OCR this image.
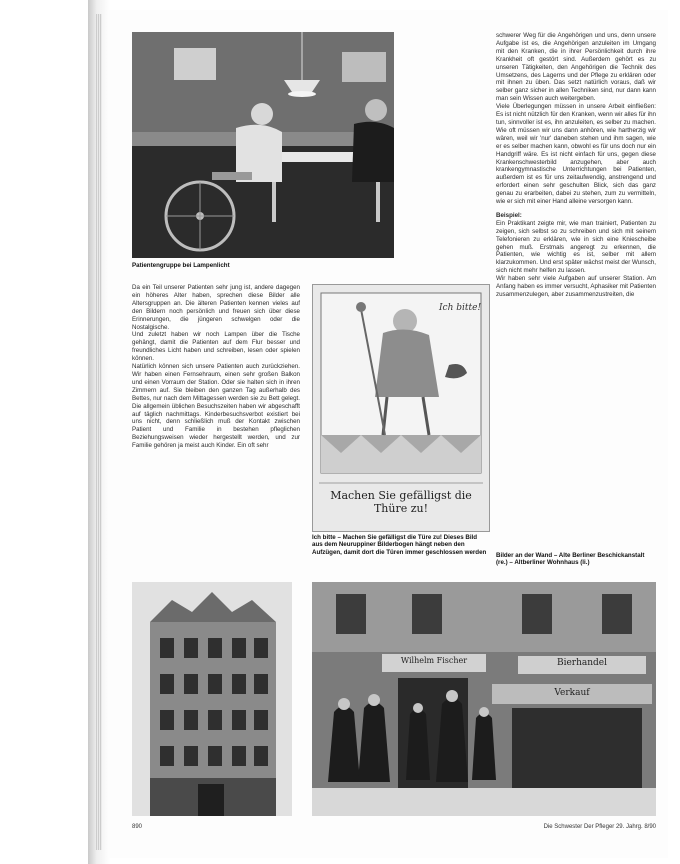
Patientengruppe bei Lampenlicht

Da ein Teil unserer Patienten sehr jung ist, andere dagegen ein höheres Alter haben, sprechen diese Bilder alle Altersgruppen an. Die älteren Patienten kennen vieles auf den Bildern noch persönlich und freuen sich über diese Erinnerungen, die jüngeren schwelgen oder die Nostalgische.

Und zuletzt haben wir noch Lampen über die Tische gehängt, damit die Patienten auf dem Flur besser und freundliches Licht haben und schreiben, lesen oder spielen können.

Natürlich können sich unsere Patienten auch zurückziehen. Wir haben einen Fernsehraum, einen sehr großen Balkon und einen Vorraum der Station. Oder sie halten sich in ihren Zimmern auf. Sie bleiben den ganzen Tag außerhalb des Bettes, nur nach dem Mittagessen werden sie zu Bett gelegt. Die allgemein üblichen Besuchszeiten haben wir abgeschafft auf täglich nachmittags. Kinderbesuchsverbot existiert bei uns nicht, denn schließlich muß der Kontakt zwischen Patient und Familie in bestehen pfleglichen Beziehungsweisen wieder hergestellt werden, und zur Familie gehören ja meist auch Kinder. Ein oft sehr

Ich bitte!
Machen Sie gefälligst die Thüre zu!
Ich bitte – Machen Sie gefälligst die Türe zu! Dieses Bild aus dem Neuruppiner Bilderbogen hängt neben den Aufzügen, damit dort die Türen immer geschlossen werden

schwerer Weg für die Angehörigen und uns, denn unsere Aufgabe ist es, die Angehörigen anzuleiten im Umgang mit den Kranken, die in ihrer Persönlichkeit durch ihre Krankheit oft gestört sind. Außerdem gehört es zu unseren Tätigkeiten, den Angehörigen die Technik des Umsetzens, des Lagerns und der Pflege zu erklären oder mit ihnen zu üben. Das setzt natürlich voraus, daß wir selber ganz sicher in allen Techniken sind, nur dann kann man sein Wissen auch weitergeben.

Viele Überlegungen müssen in unsere Arbeit einfließen: Es ist nicht nützlich für den Kranken, wenn wir alles für ihn tun, sinnvoller ist es, ihn anzuleiten, es selber zu machen. Wie oft müssen wir uns dann anhören, wie hartherzig wir wären, weil wir 'nur' daneben stehen und ihm sagen, wie er es selber machen kann, obwohl es für uns doch nur ein Handgriff wäre. Es ist nicht einfach für uns, gegen diese Krankenschwesterbild anzugehen, aber auch krankengymnastische Unterrichtungen bei Patienten, außerdem ist es für uns zeitaufwendig, anstrengend und erfordert einen sehr geschulten Blick, sich das ganz genau zu erarbeiten, dabei zu stehen, zum zu vermitteln, wie er sich mit einer Hand alleine versorgen kann.

Beispiel:

Ein Praktikant zeigte mir, wie man trainiert, Patienten zu zeigen, sich selbst so zu schreiben und sich mit seinem Telefonieren zu erklären, wie in sich eine Kniescheibe gehen muß. Erstmals angeregt zu erkennen, die Patienten, wie wichtig es ist, selber mit allem klarzukommen. Und erst später wächst meist der Wunsch, sich nicht mehr helfen zu lassen.

Wir haben sehr viele Aufgaben auf unserer Station. Am Anfang haben es immer versucht, Aphasiker mit Patienten zusammenzulegen, aber zusammenzustreiten, die

Bilder an der Wand – Alte Berliner Beschickanstalt (re.) – Altberliner Wohnhaus (li.)
Wilhelm Fischer	Bierhandel
Verkauf
890	Die Schwester Der Pfleger 29. Jahrg. 8/90
